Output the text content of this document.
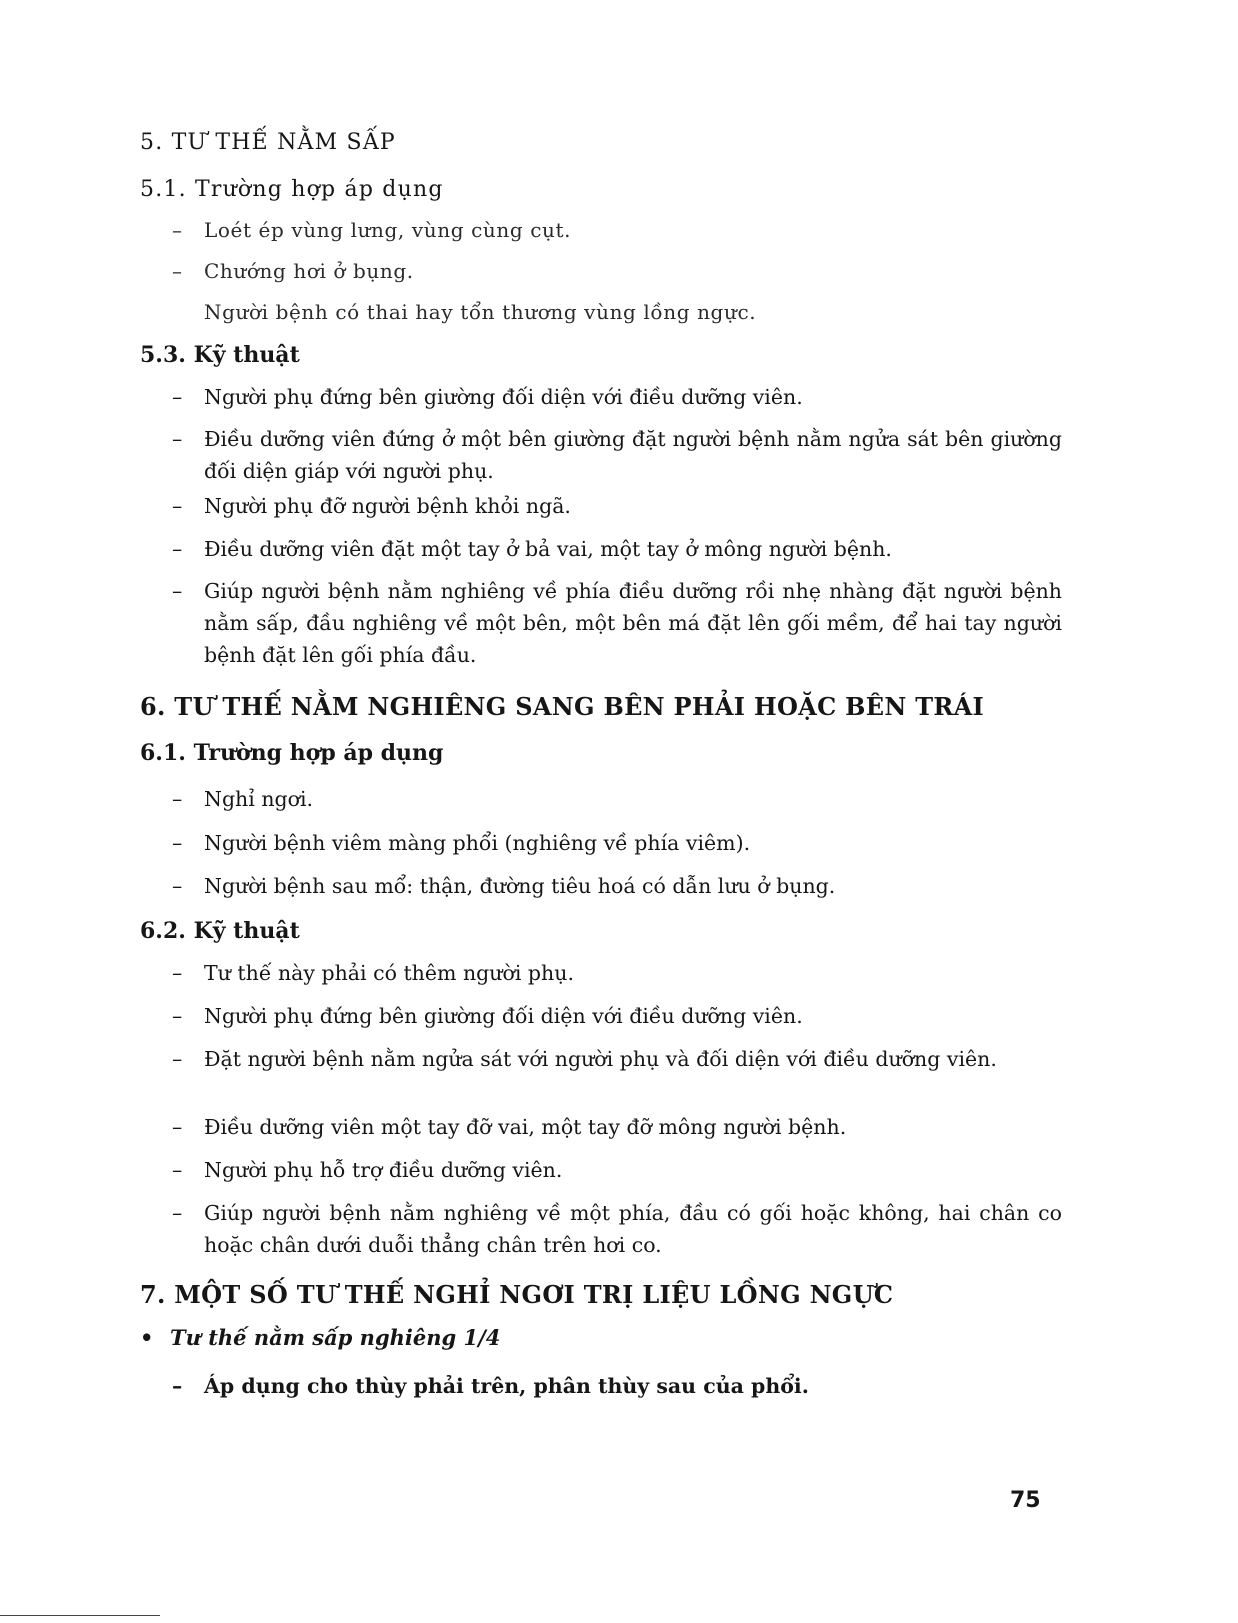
5. TƯ THẾ NẰM SẤP
5.1. Trường hợp áp dụng
–	Loét ép vùng lưng, vùng cùng cụt.
–	Chướng hơi ở bụng.
Người bệnh có thai hay tổn thương vùng lồng ngực.
5.3. Kỹ thuật
–	Người phụ đứng bên giường đối diện với điều dưỡng viên.
–	Điều dưỡng viên đứng ở một bên giường đặt người bệnh nằm ngửa sát bên giường đối diện giáp với người phụ.
–	Người phụ đỡ người bệnh khỏi ngã.
–	Điều dưỡng viên đặt một tay ở bả vai, một tay ở mông người bệnh.
–	Giúp người bệnh nằm nghiêng về phía điều dưỡng rồi nhẹ nhàng đặt người bệnh nằm sấp, đầu nghiêng về một bên, một bên má đặt lên gối mềm, để hai tay người bệnh đặt lên gối phía đầu.
6. TƯ THẾ NẰM NGHIÊNG SANG BÊN PHẢI HOẶC BÊN TRÁI
6.1. Trường hợp áp dụng
–	Nghỉ ngơi.
–	Người bệnh viêm màng phổi (nghiêng về phía viêm).
–	Người bệnh sau mổ: thận, đường tiêu hoá có dẫn lưu ở bụng.
6.2. Kỹ thuật
–	Tư thế này phải có thêm người phụ.
–	Người phụ đứng bên giường đối diện với điều dưỡng viên.
–	Đặt người bệnh nằm ngửa sát với người phụ và đối diện với điều dưỡng viên.
–	Điều dưỡng viên một tay đỡ vai, một tay đỡ mông người bệnh.
–	Người phụ hỗ trợ điều dưỡng viên.
–	Giúp người bệnh nằm nghiêng về một phía, đầu có gối hoặc không, hai chân co hoặc chân dưới duỗi thẳng chân trên hơi co.
7. MỘT SỐ TƯ THẾ NGHỈ NGƠI TRỊ LIỆU LỒNG NGỰC
• Tư thế nằm sấp nghiêng 1/4
–	Áp dụng cho thùy phải trên, phân thùy sau của phổi.
75
